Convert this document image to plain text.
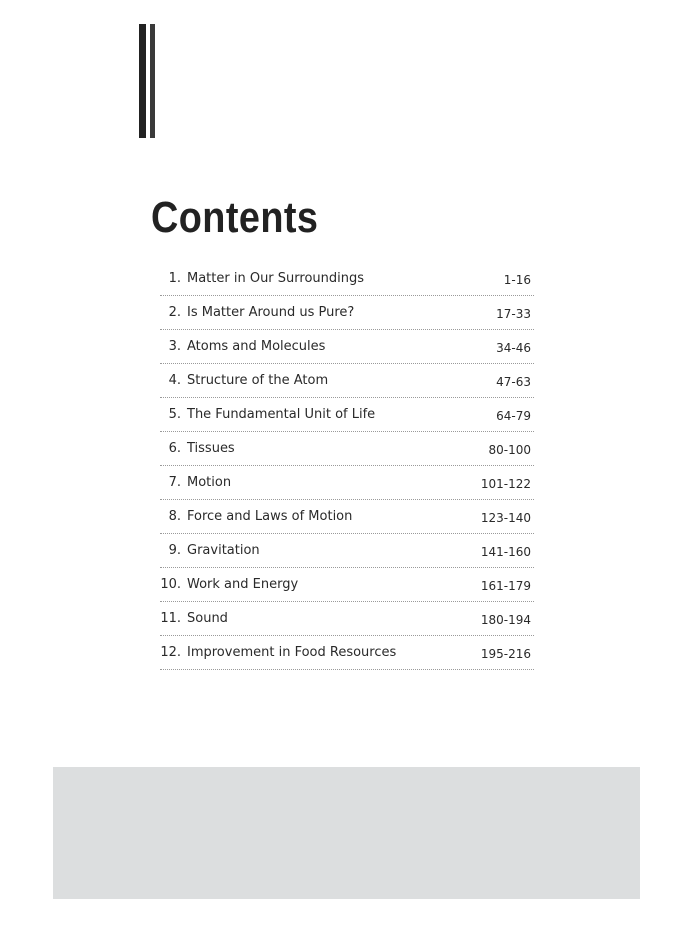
Contents
1. Matter in Our Surroundings	1-16
2. Is Matter Around us Pure?	17-33
3. Atoms and Molecules	34-46
4. Structure of the Atom	47-63
5. The Fundamental Unit of Life	64-79
6. Tissues	80-100
7. Motion	101-122
8. Force and Laws of Motion	123-140
9. Gravitation	141-160
10. Work and Energy	161-179
11. Sound	180-194
12. Improvement in Food Resources	195-216
